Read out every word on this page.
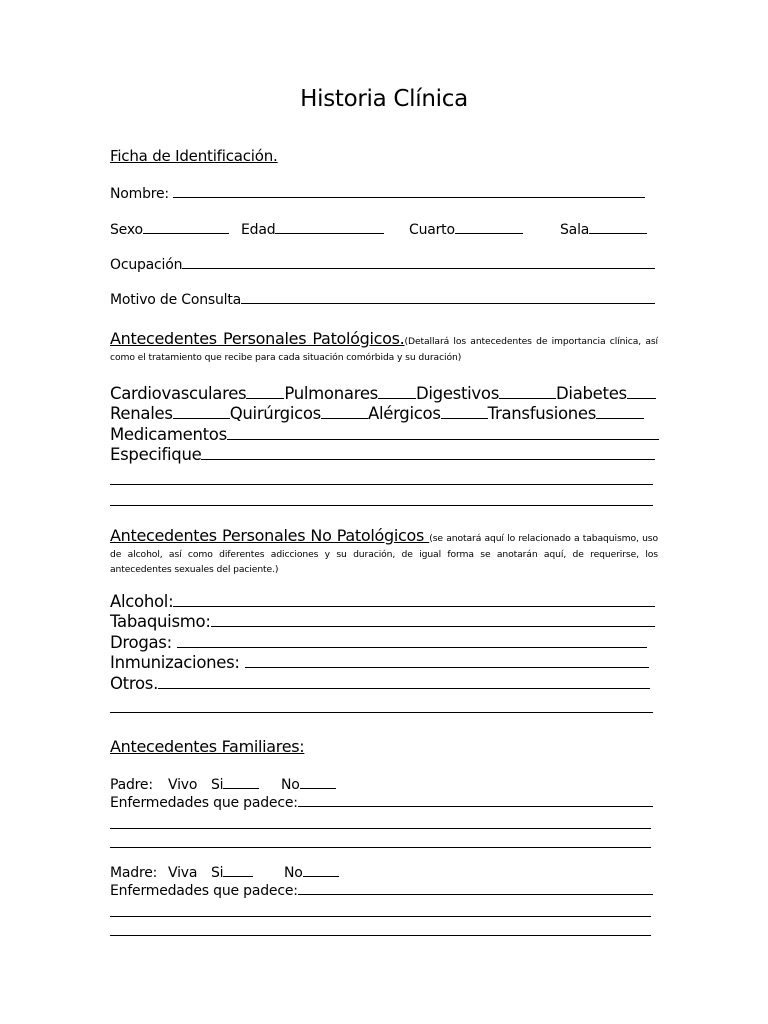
Historia Clínica
Ficha de Identificación.
Nombre:
Sexo	Edad	Cuarto	Sala
Ocupación
Motivo de Consulta
Antecedentes Personales Patológicos.(Detallará los antecedentes de importancia clínica, así como el tratamiento que recibe para cada situación comórbida y su duración)
Cardiovasculares Pulmonares Digestivos	Diabetes
Renales	Quirúrgicos	Alérgicos	Transfusiones
Medicamentos
Especifique
Antecedentes Personales No Patológicos (se anotará aquí lo relacionado a tabaquismo, uso de alcohol, así como diferentes adicciones y su duración, de igual forma se anotarán aquí, de requerirse, los antecedentes sexuales del paciente.)
Alcohol:
Tabaquismo:
Drogas:
Inmunizaciones:
Otros.
Antecedentes Familiares:
Padre: Vivo Si	No
Enfermedades que padece:
Madre: Viva Si	No
Enfermedades que padece:
